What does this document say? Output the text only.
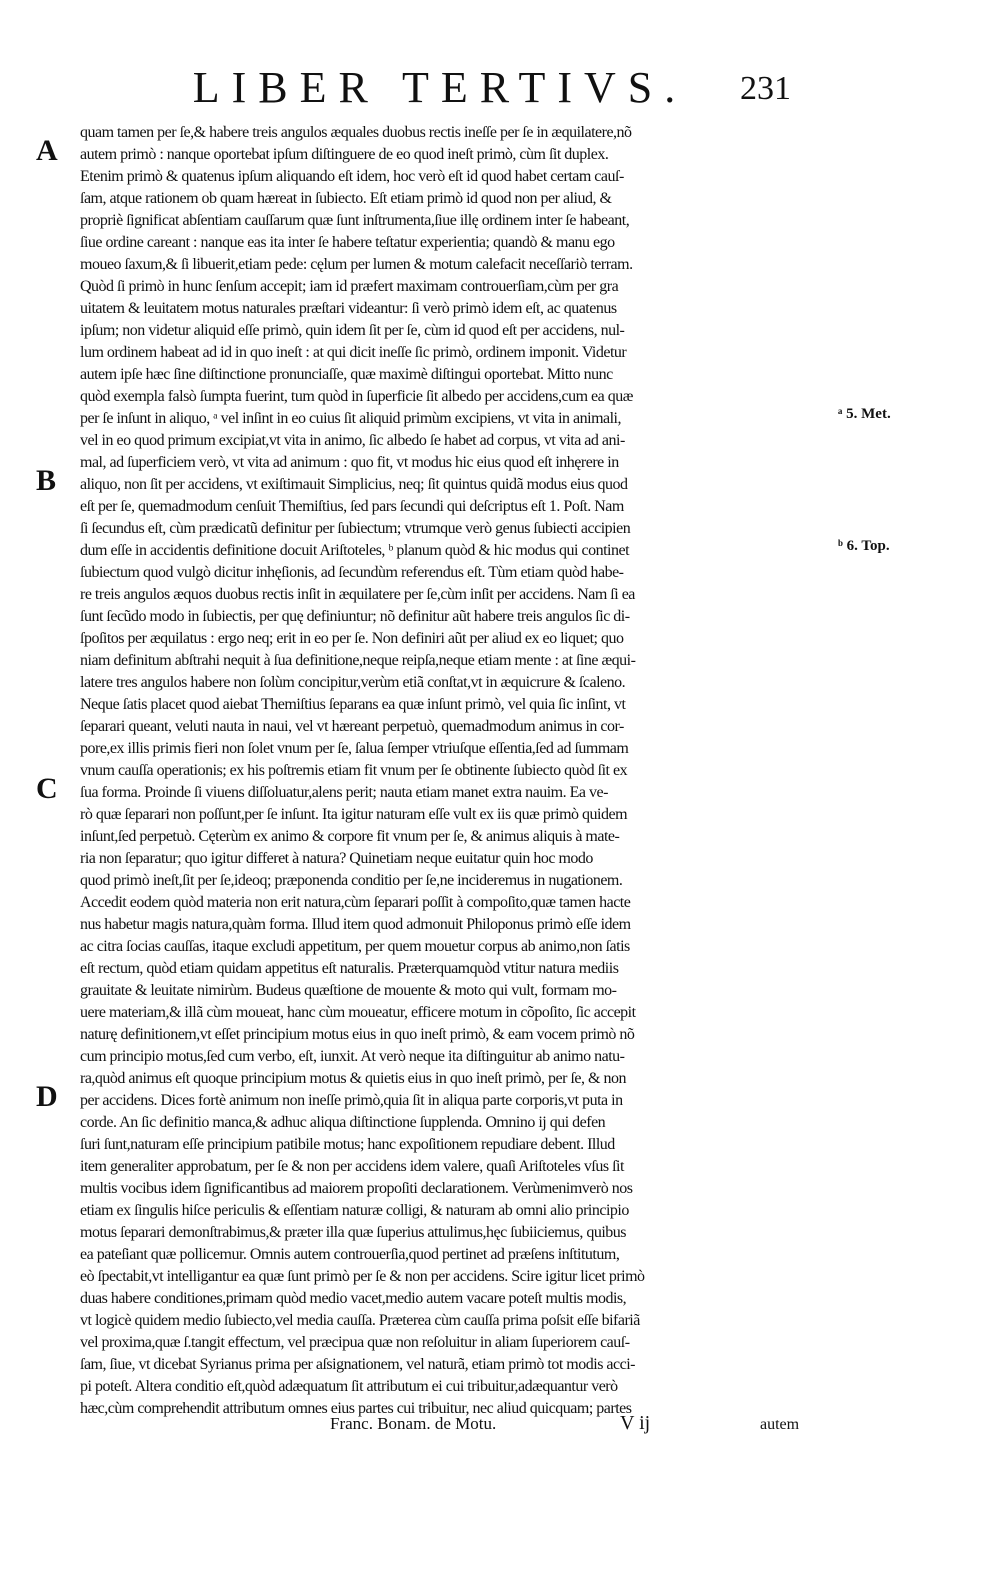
LIBER TERTIVS. 231
A
B
C
D
ᵃ 5. Met.
ᵇ 6. Top.
quam tamen per ſe,& habere treis angulos æquales duobus rectis ineſſe per ſe in æquilatere,nõ
autem primò : nanque oportebat ipſum diſtinguere de eo quod ineſt primò, cùm ſit duplex.
Etenim primò & quatenus ipſum aliquando eſt idem, hoc verò eſt id quod habet certam cauſ-
ſam, atque rationem ob quam hæreat in ſubiecto. Eſt etiam primò id quod non per aliud, &
propriè ſignificat abſentiam cauſſarum quæ ſunt inſtrumenta,ſiue illę ordinem inter ſe habeant,
ſiue ordine careant : nanque eas ita inter ſe habere teſtatur experientia; quandò & manu ego
moueo ſaxum,& ſi libuerit,etiam pede: cęlum per lumen & motum calefacit neceſſariò terram.
Quòd ſi primò in hunc ſenſum accepit; iam id præfert maximam controuerſiam,cùm per gra
uitatem & leuitatem motus naturales præſtari videantur: ſi verò primò idem eſt, ac quatenus
ipſum; non videtur aliquid eſſe primò, quin idem ſit per ſe, cùm id quod eſt per accidens, nul-
lum ordinem habeat ad id in quo ineſt : at qui dicit ineſſe ſic primò, ordinem imponit. Videtur
autem ipſe hæc ſine diſtinctione pronunciaſſe, quæ maximè diſtingui oportebat. Mitto nunc
quòd exempla falsò ſumpta fuerint, tum quòd in ſuperficie ſit albedo per accidens,cum ea quæ
per ſe inſunt in aliquo, ᵃ vel inſint in eo cuius ſit aliquid primùm excipiens, vt vita in animali,
vel in eo quod primum excipiat,vt vita in animo, ſic albedo ſe habet ad corpus, vt vita ad ani-
mal, ad ſuperficiem verò, vt vita ad animum : quo fit, vt modus hic eius quod eſt inhęrere in
aliquo, non ſit per accidens, vt exiſtimauit Simplicius, neq; ſit quintus quidã modus eius quod
eſt per ſe, quemadmodum cenſuit Themiſtius, ſed pars ſecundi qui deſcriptus eſt 1. Poſt. Nam
ſi ſecundus eſt, cùm prædicatũ definitur per ſubiectum; vtrumque verò genus ſubiecti accipien
dum eſſe in accidentis definitione docuit Ariſtoteles, ᵇ planum quòd & hic modus qui continet
ſubiectum quod vulgò dicitur inhęſionis, ad ſecundùm referendus eſt. Tùm etiam quòd habe-
re treis angulos æquos duobus rectis inſit in æquilatere per ſe,cùm inſit per accidens. Nam ſi ea
ſunt ſecũdo modo in ſubiectis, per quę definiuntur; nõ definitur aũt habere treis angulos ſic di-
ſpoſitos per æquilatus : ergo neq; erit in eo per ſe. Non definiri aũt per aliud ex eo liquet; quo
niam definitum abſtrahi nequit à ſua definitione,neque reipſa,neque etiam mente : at ſine æqui-
latere tres angulos habere non ſolùm concipitur,verùm etiã conſtat,vt in æquicrure & ſcaleno.
Neque ſatis placet quod aiebat Themiſtius ſeparans ea quæ inſunt primò, vel quia ſic inſint, vt
ſeparari queant, veluti nauta in naui, vel vt hæreant perpetuò, quemadmodum animus in cor-
pore,ex illis primis fieri non ſolet vnum per ſe, ſalua ſemper vtriuſque eſſentia,ſed ad ſummam
vnum cauſſa operationis; ex his poſtremis etiam fit vnum per ſe obtinente ſubiecto quòd ſit ex
ſua forma. Proinde ſi viuens diſſoluatur,alens perit; nauta etiam manet extra nauim. Ea ve-
rò quæ ſeparari non poſſunt,per ſe inſunt. Ita igitur naturam eſſe vult ex iis quæ primò quidem
inſunt,ſed perpetuò. Cęterùm ex animo & corpore fit vnum per ſe, & animus aliquis à mate-
ria non ſeparatur; quo igitur differet à natura? Quinetiam neque euitatur quin hoc modo
quod primò ineſt,ſit per ſe,ideoq; præponenda conditio per ſe,ne incideremus in nugationem.
Accedit eodem quòd materia non erit natura,cùm ſeparari poſſit à compoſito,quæ tamen hacte
nus habetur magis natura,quàm forma. Illud item quod admonuit Philoponus primò eſſe idem
ac citra ſocias cauſſas, itaque excludi appetitum, per quem mouetur corpus ab animo,non ſatis
eſt rectum, quòd etiam quidam appetitus eſt naturalis. Præterquamquòd vtitur natura mediis
grauitate & leuitate nimirùm. Budeus quæſtione de mouente & moto qui vult, formam mo-
uere materiam,& illã cùm moueat, hanc cùm moueatur, efficere motum in cõpoſito, ſic accepit
naturę definitionem,vt eſſet principium motus eius in quo ineſt primò, & eam vocem primò nõ
cum principio motus,ſed cum verbo, eſt, iunxit. At verò neque ita diſtinguitur ab animo natu-
ra,quòd animus eſt quoque principium motus & quietis eius in quo ineſt primò, per ſe, & non
per accidens. Dices fortè animum non ineſſe primò,quia ſit in aliqua parte corporis,vt puta in
corde. An ſic definitio manca,& adhuc aliqua diſtinctione ſupplenda. Omnino ij qui defen
ſuri ſunt,naturam eſſe principium patibile motus; hanc expoſitionem repudiare debent. Illud
item generaliter approbatum, per ſe & non per accidens idem valere, quaſi Ariſtoteles vſus ſit
multis vocibus idem ſignificantibus ad maiorem propoſiti declarationem. Verùmenimverò nos
etiam ex ſingulis hiſce periculis & eſſentiam naturæ colligi, & naturam ab omni alio principio
motus ſeparari demonſtrabimus,& præter illa quæ ſuperius attulimus,hęc ſubiiciemus, quibus
ea pateſiant quæ pollicemur. Omnis autem controuerſia,quod pertinet ad præſens inſtitutum,
eò ſpectabit,vt intelligantur ea quæ ſunt primò per ſe & non per accidens. Scire igitur licet primò
duas habere conditiones,primam quòd medio vacet,medio autem vacare poteſt multis modis,
vt logicè quidem medio ſubiecto,vel media cauſſa. Præterea cùm cauſſa prima poſsit eſſe bifariã
vel proxima,quæ ſ.tangit effectum, vel præcipua quæ non reſoluitur in aliam ſuperiorem cauſ-
ſam, ſiue, vt dicebat Syrianus prima per aſsignationem, vel naturã, etiam primò tot modis acci-
pi poteſt. Altera conditio eſt,quòd adæquatum ſit attributum ei cui tribuitur,adæquantur verò
hæc,cùm comprehendit attributum omnes eius partes cui tribuitur, nec aliud quicquam; partes
Franc. Bonam. de Motu.	V ij	autem
